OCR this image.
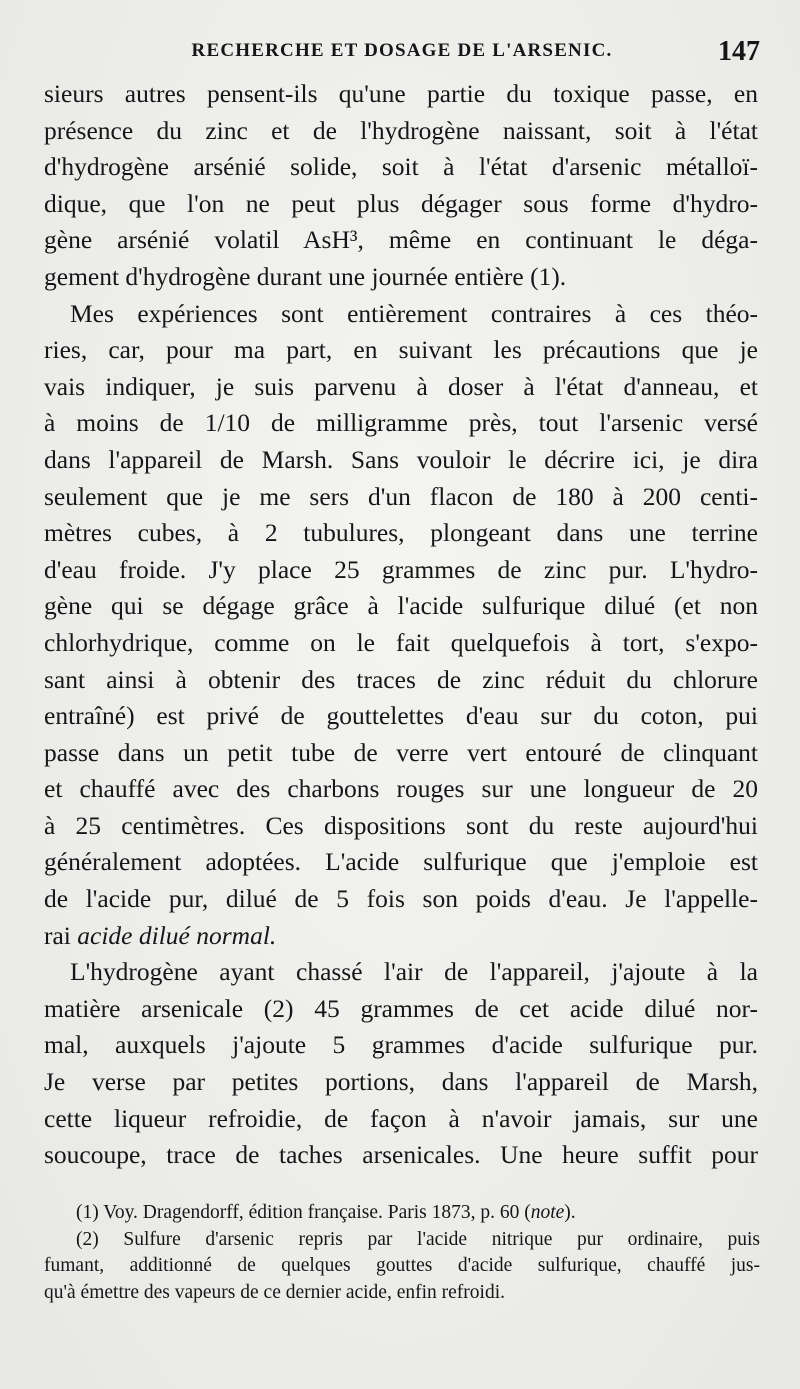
RECHERCHE ET DOSAGE DE L'ARSENIC.	147
sieurs autres pensent-ils qu'une partie du toxique passe, en
présence du zinc et de l'hydrogène naissant, soit à l'état
d'hydrogène arsénié solide, soit à l'état d'arsenic métalloï-
dique, que l'on ne peut plus dégager sous forme d'hydro-
gène arsénié volatil AsH³, même en continuant le déga-
gement d'hydrogène durant une journée entière (1).
Mes expériences sont entièrement contraires à ces théo-
ries, car, pour ma part, en suivant les précautions que je
vais indiquer, je suis parvenu à doser à l'état d'anneau, et
à moins de 1/10 de milligramme près, tout l'arsenic versé
dans l'appareil de Marsh. Sans vouloir le décrire ici, je dira
seulement que je me sers d'un flacon de 180 à 200 centi-
mètres cubes, à 2 tubulures, plongeant dans une terrine
d'eau froide. J'y place 25 grammes de zinc pur. L'hydro-
gène qui se dégage grâce à l'acide sulfurique dilué (et non
chlorhydrique, comme on le fait quelquefois à tort, s'expo-
sant ainsi à obtenir des traces de zinc réduit du chlorure
entraîné) est privé de gouttelettes d'eau sur du coton, pui
passe dans un petit tube de verre vert entouré de clinquant
et chauffé avec des charbons rouges sur une longueur de 20
à 25 centimètres. Ces dispositions sont du reste aujourd'hui
généralement adoptées. L'acide sulfurique que j'emploie est
de l'acide pur, dilué de 5 fois son poids d'eau. Je l'appelle-
rai acide dilué normal.
L'hydrogène ayant chassé l'air de l'appareil, j'ajoute à la
matière arsenicale (2) 45 grammes de cet acide dilué nor-
mal, auxquels j'ajoute 5 grammes d'acide sulfurique pur.
Je verse par petites portions, dans l'appareil de Marsh,
cette liqueur refroidie, de façon à n'avoir jamais, sur une
soucoupe, trace de taches arsenicales. Une heure suffit pour
(1) Voy. Dragendorff, édition française. Paris 1873, p. 60 (note).
(2) Sulfure d'arsenic repris par l'acide nitrique pur ordinaire, puis
fumant, additionné de quelques gouttes d'acide sulfurique, chauffé jus-
qu'à émettre des vapeurs de ce dernier acide, enfin refroidi.
